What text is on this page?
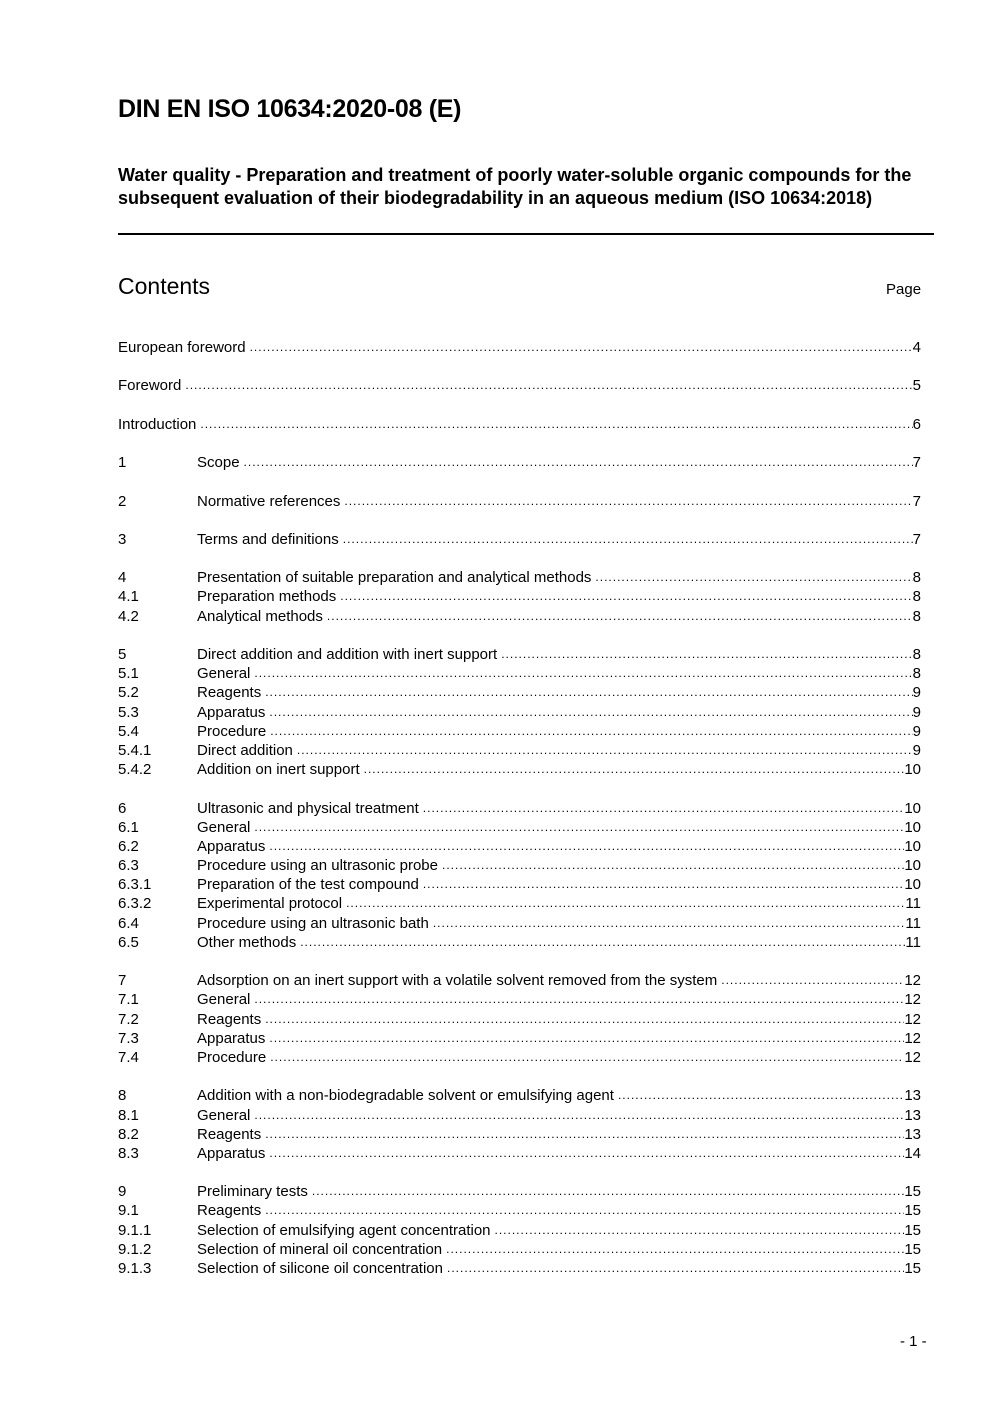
DIN EN ISO 10634:2020-08 (E)
Water quality - Preparation and treatment of poorly water-soluble organic compounds for the subsequent evaluation of their biodegradability in an aqueous medium (ISO 10634:2018)
Contents	Page
European foreword .....	4
Foreword .....	5
Introduction .....	6
1	Scope .....	7
2	Normative references .....	7
3	Terms and definitions .....	7
4	Presentation of suitable preparation and analytical methods .....	8
4.1	Preparation methods .....	8
4.2	Analytical methods .....	8
5	Direct addition and addition with inert support .....	8
5.1	General .....	8
5.2	Reagents .....	9
5.3	Apparatus .....	9
5.4	Procedure .....	9
5.4.1	Direct addition .....	9
5.4.2	Addition on inert support .....	10
6	Ultrasonic and physical treatment .....	10
6.1	General .....	10
6.2	Apparatus .....	10
6.3	Procedure using an ultrasonic probe .....	10
6.3.1	Preparation of the test compound .....	10
6.3.2	Experimental protocol .....	11
6.4	Procedure using an ultrasonic bath .....	11
6.5	Other methods .....	11
7	Adsorption on an inert support with a volatile solvent removed from the system .....	12
7.1	General .....	12
7.2	Reagents .....	12
7.3	Apparatus .....	12
7.4	Procedure .....	12
8	Addition with a non-biodegradable solvent or emulsifying agent .....	13
8.1	General .....	13
8.2	Reagents .....	13
8.3	Apparatus .....	14
9	Preliminary tests .....	15
9.1	Reagents .....	15
9.1.1	Selection of emulsifying agent concentration .....	15
9.1.2	Selection of mineral oil concentration .....	15
9.1.3	Selection of silicone oil concentration .....	15
- 1 -
